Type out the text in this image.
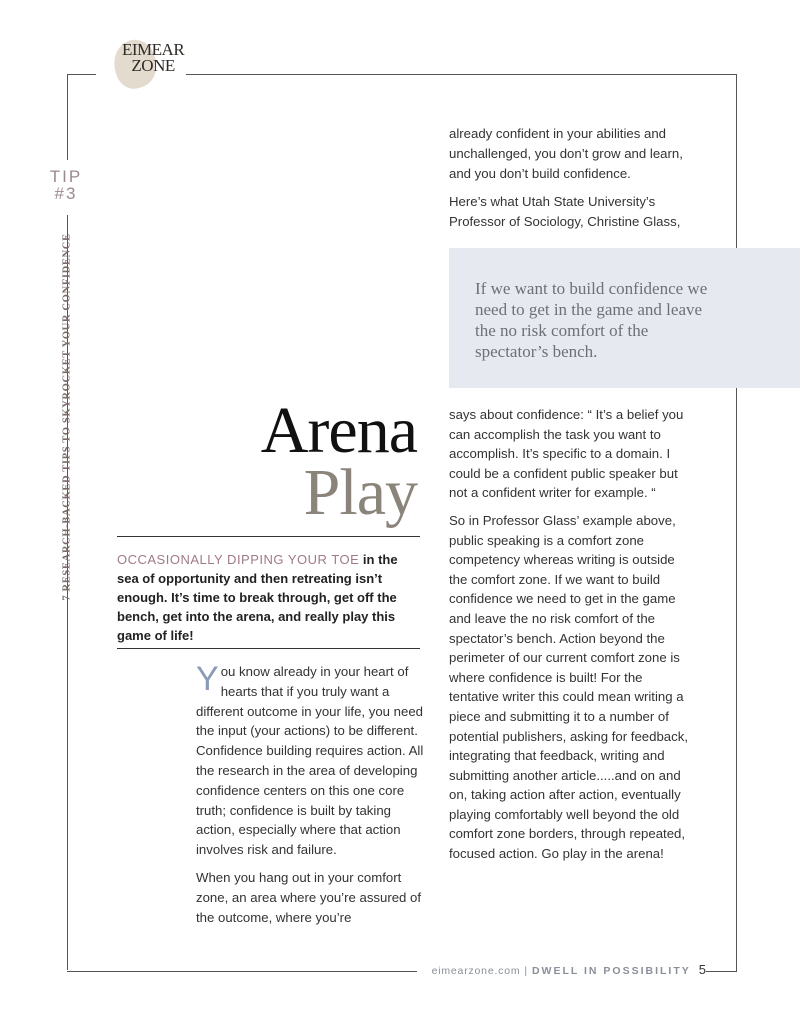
EIMEAR
ZONE
TIP
#3
7 RESEARCH-BACKED TIPS TO SKYROCKET YOUR CONFIDENCE

already confident in your abilities and unchallenged, you don’t grow and learn, and you don’t build confidence.

Here’s what Utah State University’s Professor of Sociology, Christine Glass,

If we want to build confidence we need to get in the game and leave the no risk comfort of the spectator’s bench.
Arena
Play
OCCASIONALLY DIPPING YOUR TOE in the sea of opportunity and then retreating isn’t enough. It’s time to break through, get off the bench, get into the arena, and really play this game of life!

You know already in your heart of hearts that if you truly want a different outcome in your life, you need the input (your actions) to be different. Confidence building requires action. All the research in the area of developing confidence centers on this one core truth; confidence is built by taking action, especially where that action involves risk and failure.

When you hang out in your comfort zone, an area where you’re assured of the outcome, where you’re

says about confidence: “ It’s a belief you can accomplish the task you want to accomplish. It’s specific to a domain. I could be a confident public speaker but not a confident writer for example. “

So in Professor Glass’ example above, public speaking is a comfort zone competency whereas writing is outside the comfort zone. If we want to build confidence we need to get in the game and leave the no risk comfort of the spectator’s bench. Action beyond the perimeter of our current comfort zone is where confidence is built! For the tentative writer this could mean writing a piece and submitting it to a number of potential publishers, asking for feedback, integrating that feedback, writing and submitting another article.....and on and on, taking action after action, eventually playing comfortably well beyond the old comfort zone borders, through repeated, focused action. Go play in the arena!

eimearzone.com | DWELL IN POSSIBILITY 5
